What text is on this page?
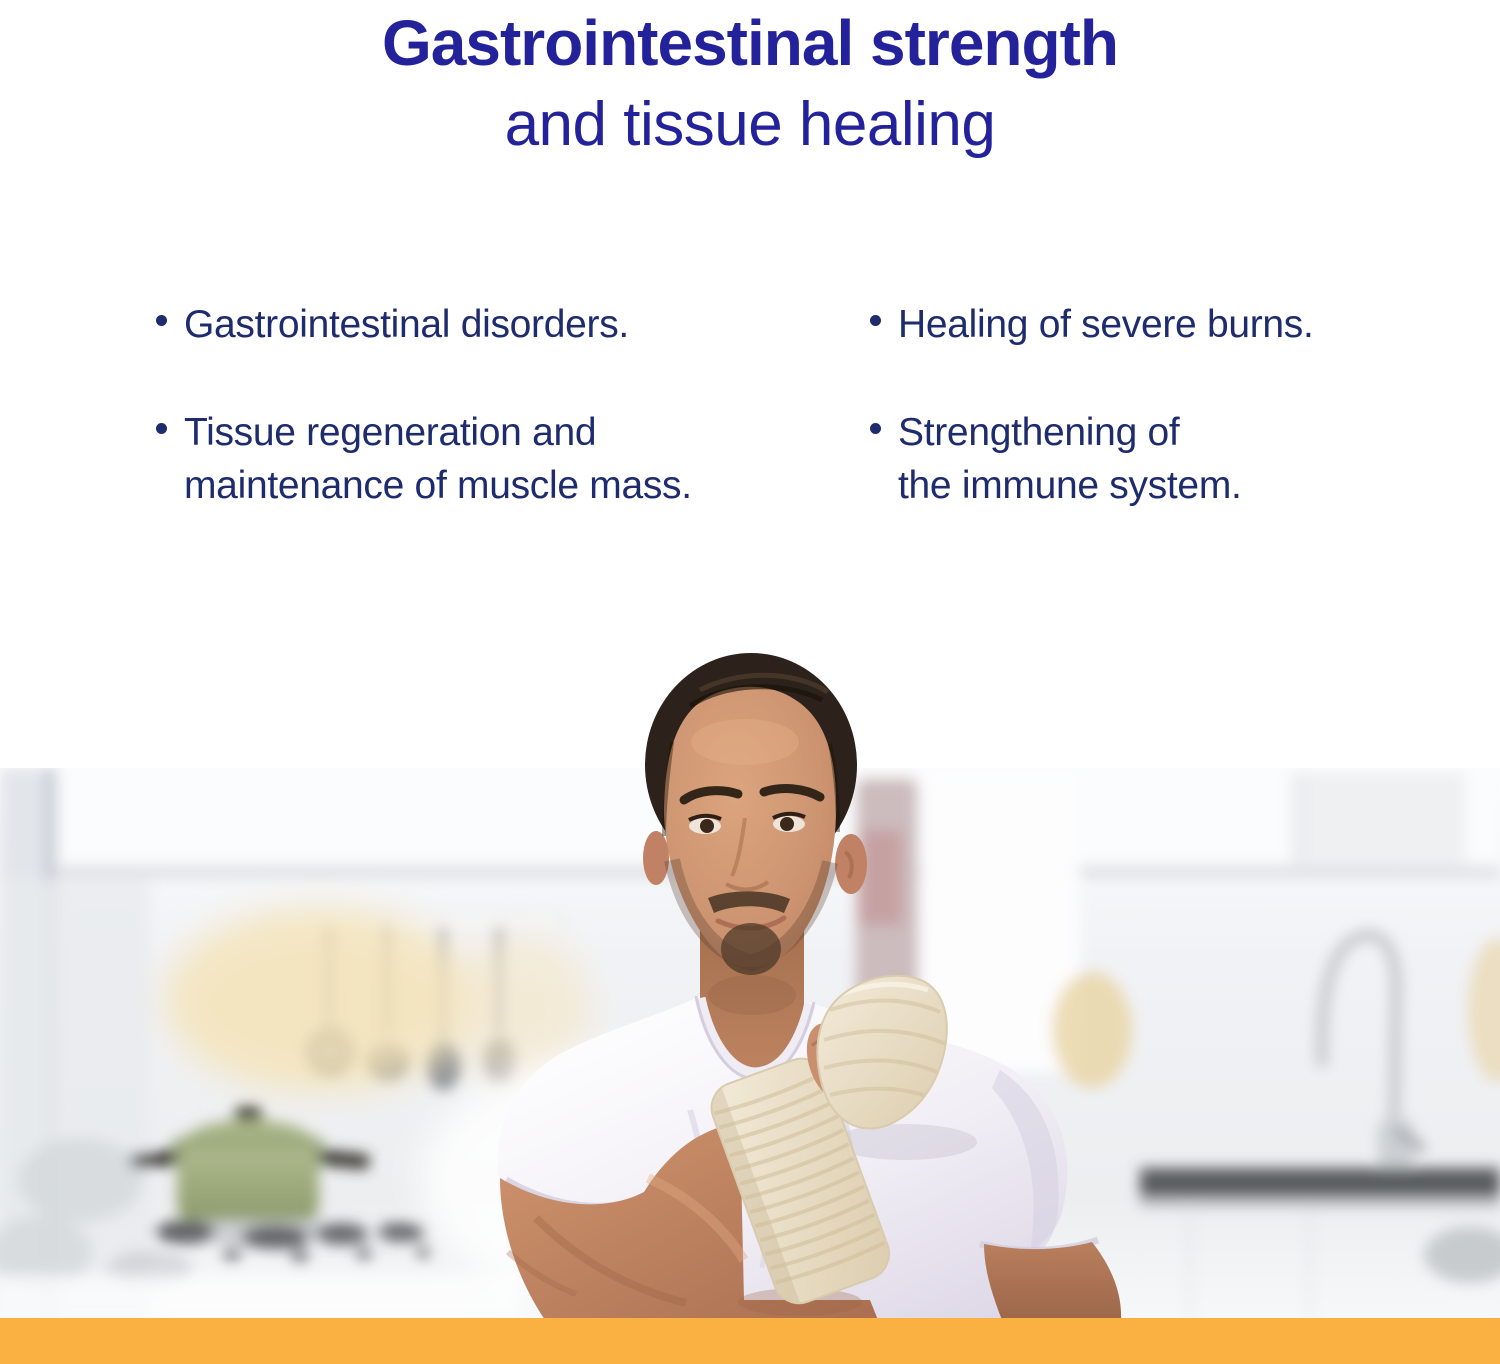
Gastrointestinal strength
and tissue healing
Gastrointestinal disorders.
Tissue regeneration and
maintenance of muscle mass.
Healing of severe burns.
Strengthening of
the immune system.
